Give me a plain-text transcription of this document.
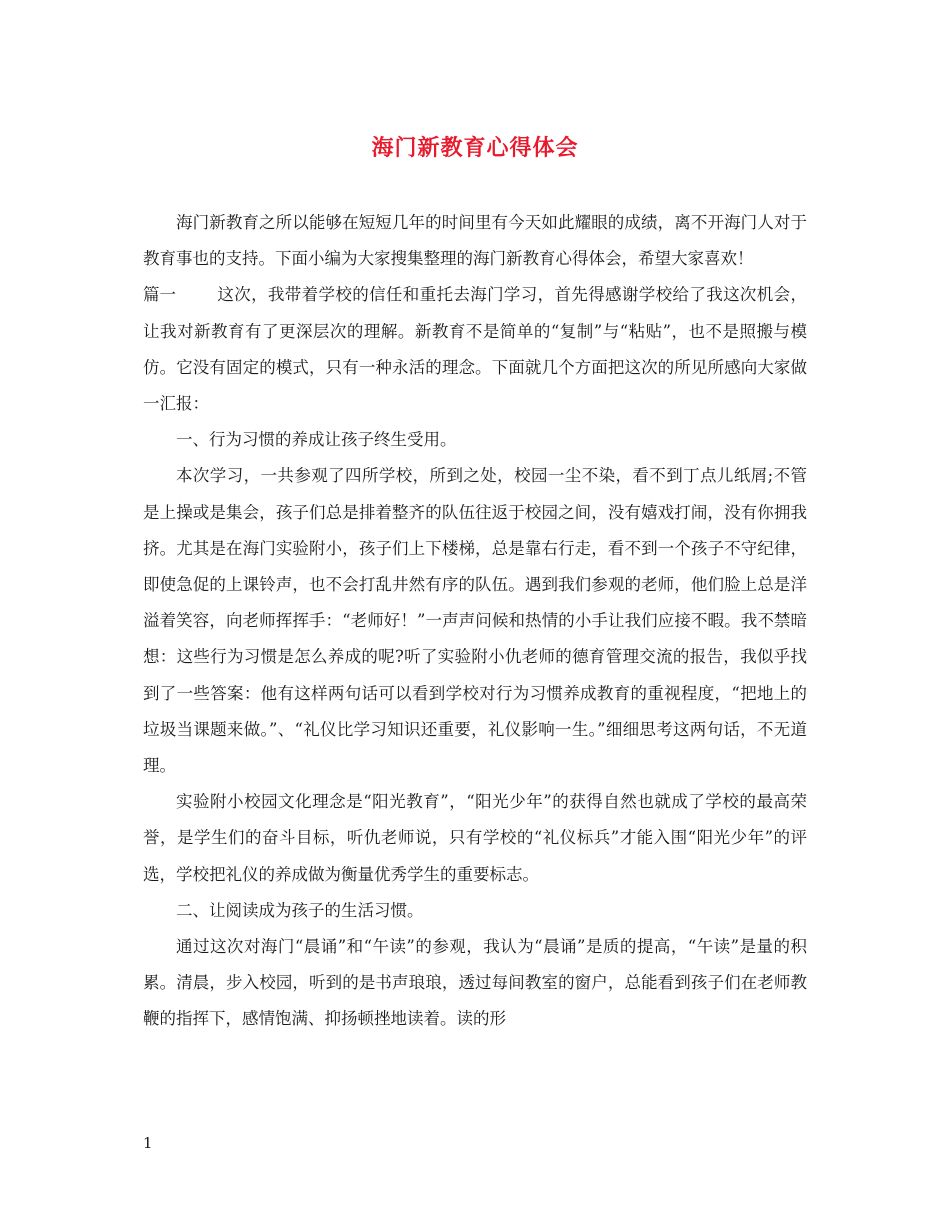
海门新教育心得体会

海门新教育之所以能够在短短几年的时间里有今天如此耀眼的成绩，离不开海门人对于教育事也的支持。下面小编为大家搜集整理的海门新教育心得体会，希望大家喜欢！

篇一 这次，我带着学校的信任和重托去海门学习，首先得感谢学校给了我这次机会，让我对新教育有了更深层次的理解。新教育不是简单的“复制”与“粘贴”，也不是照搬与模仿。它没有固定的模式，只有一种永活的理念。下面就几个方面把这次的所见所感向大家做一汇报：

一、行为习惯的养成让孩子终生受用。

本次学习，一共参观了四所学校，所到之处，校园一尘不染，看不到丁点儿纸屑;不管是上操或是集会，孩子们总是排着整齐的队伍往返于校园之间，没有嬉戏打闹，没有你拥我挤。尤其是在海门实验附小，孩子们上下楼梯，总是靠右行走，看不到一个孩子不守纪律，即使急促的上课铃声，也不会打乱井然有序的队伍。遇到我们参观的老师，他们脸上总是洋溢着笑容，向老师挥挥手：“老师好！”一声声问候和热情的小手让我们应接不暇。我不禁暗想：这些行为习惯是怎么养成的呢?听了实验附小仇老师的德育管理交流的报告，我似乎找到了一些答案：他有这样两句话可以看到学校对行为习惯养成教育的重视程度，“把地上的垃圾当课题来做。”、“礼仪比学习知识还重要，礼仪影响一生。”细细思考这两句话，不无道理。

实验附小校园文化理念是“阳光教育”，“阳光少年”的获得自然也就成了学校的最高荣誉，是学生们的奋斗目标，听仇老师说，只有学校的“礼仪标兵”才能入围“阳光少年”的评选，学校把礼仪的养成做为衡量优秀学生的重要标志。

二、让阅读成为孩子的生活习惯。

通过这次对海门“晨诵”和“午读”的参观，我认为“晨诵”是质的提高，“午读”是量的积累。清晨，步入校园，听到的是书声琅琅，透过每间教室的窗户，总能看到孩子们在老师教鞭的指挥下，感情饱满、抑扬顿挫地读着。读的形

1
